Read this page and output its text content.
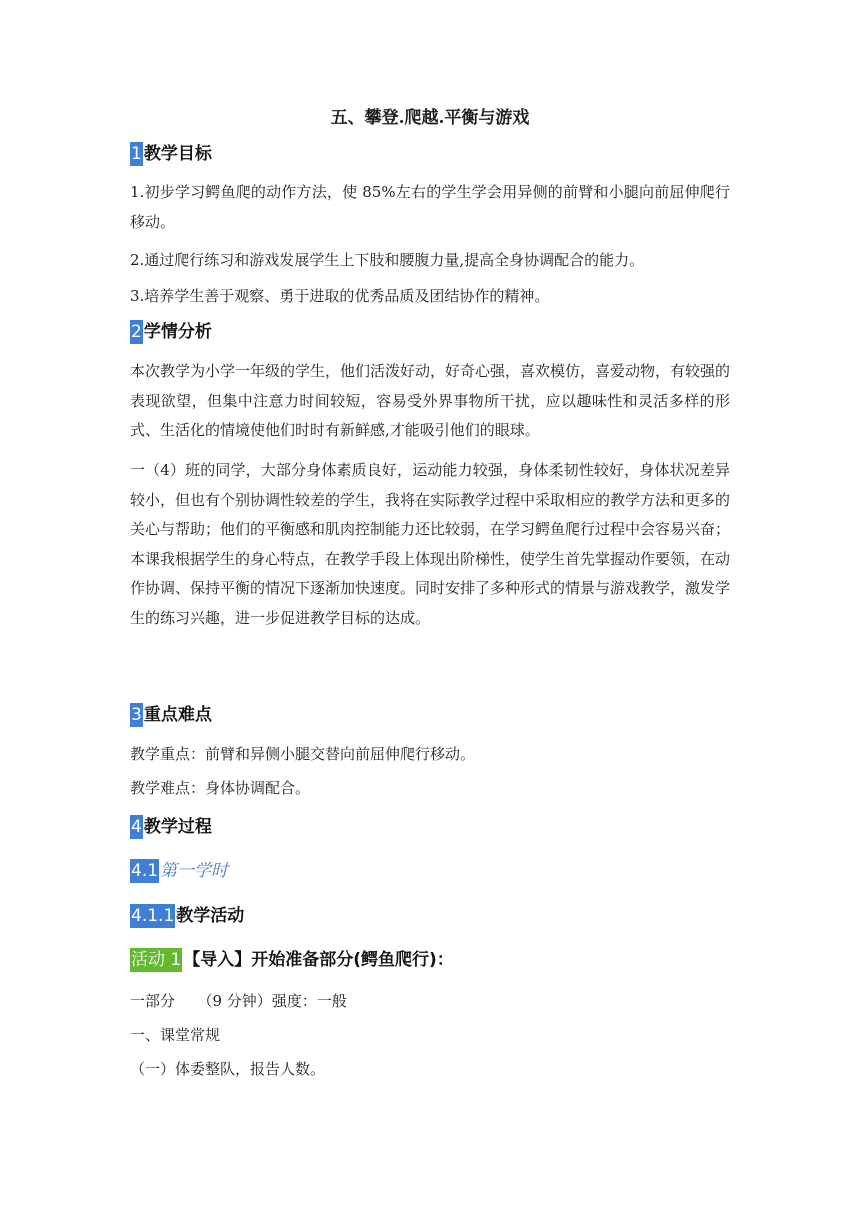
五、攀登.爬越.平衡与游戏
1 教学目标
1.初步学习鳄鱼爬的动作方法，使 85%左右的学生学会用异侧的前臂和小腿向前屈伸爬行移动。
2.通过爬行练习和游戏发展学生上下肢和腰腹力量,提高全身协调配合的能力。
3.培养学生善于观察、勇于进取的优秀品质及团结协作的精神。
2 学情分析
本次教学为小学一年级的学生，他们活泼好动，好奇心强，喜欢模仿，喜爱动物，有较强的表现欲望，但集中注意力时间较短，容易受外界事物所干扰，应以趣味性和灵活多样的形式、生活化的情境使他们时时有新鲜感,才能吸引他们的眼球。
一（4）班的同学，大部分身体素质良好，运动能力较强，身体柔韧性较好，身体状况差异较小，但也有个别协调性较差的学生，我将在实际教学过程中采取相应的教学方法和更多的关心与帮助；他们的平衡感和肌肉控制能力还比较弱，在学习鳄鱼爬行过程中会容易兴奋；本课我根据学生的身心特点，在教学手段上体现出阶梯性，使学生首先掌握动作要领，在动作协调、保持平衡的情况下逐渐加快速度。同时安排了多种形式的情景与游戏教学，激发学生的练习兴趣，进一步促进教学目标的达成。
3 重点难点
教学重点：前臂和异侧小腿交替向前屈伸爬行移动。
教学难点：身体协调配合。
4 教学过程
4.1 第一学时
4.1.1 教学活动
活动 1 【导入】开始准备部分(鳄鱼爬行)：
一部分　　（9 分钟）强度：一般
一、课堂常规
（一）体委整队，报告人数。
